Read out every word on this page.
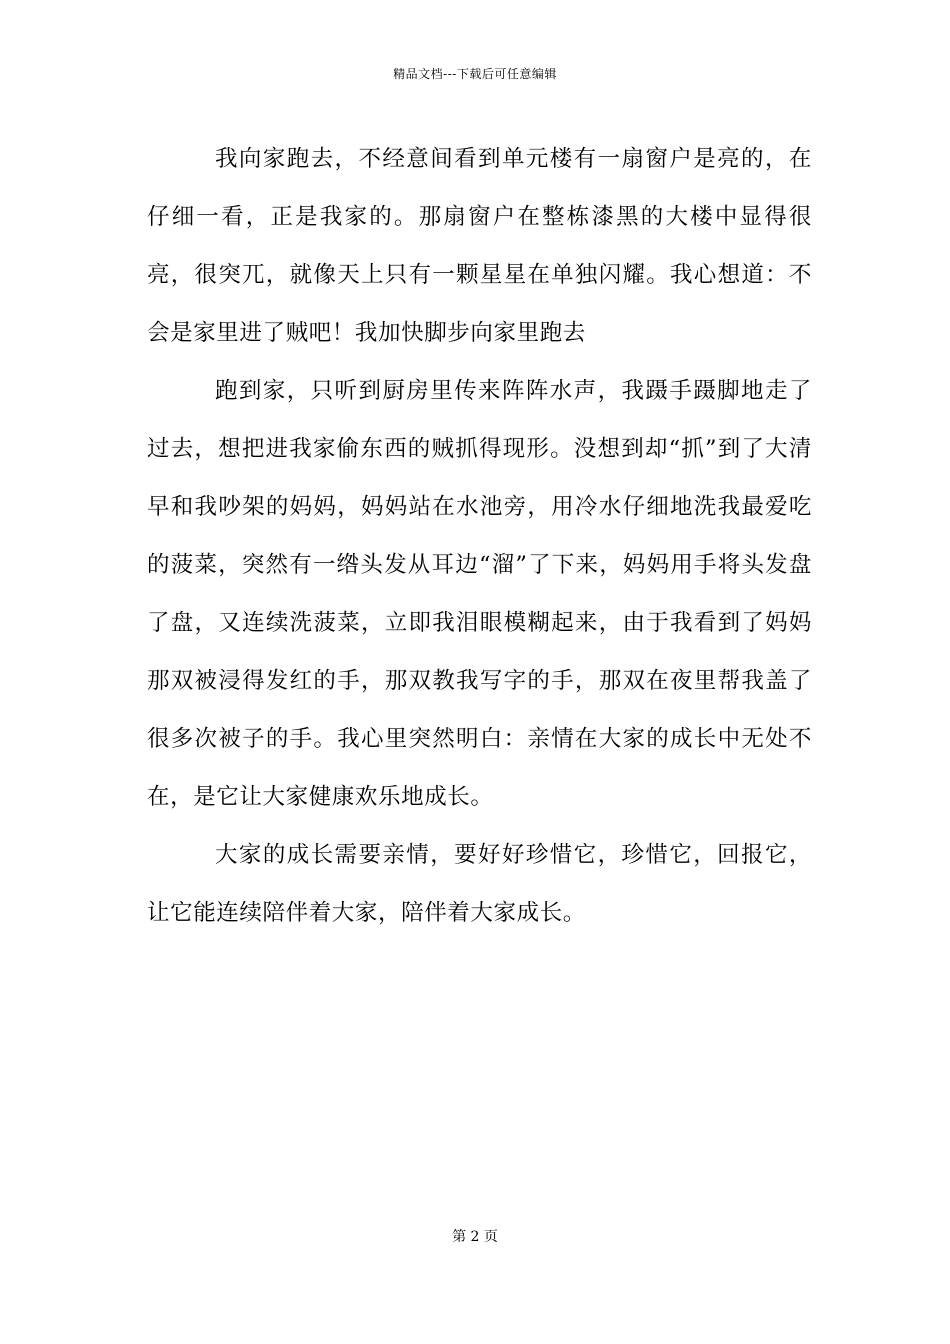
精品文档---下载后可任意编辑

我向家跑去，不经意间看到单元楼有一扇窗户是亮的，在仔细一看，正是我家的。那扇窗户在整栋漆黑的大楼中显得很亮，很突兀，就像天上只有一颗星星在单独闪耀。我心想道：不会是家里进了贼吧！我加快脚步向家里跑去

跑到家，只听到厨房里传来阵阵水声，我蹑手蹑脚地走了过去，想把进我家偷东西的贼抓得现形。没想到却“抓”到了大清早和我吵架的妈妈，妈妈站在水池旁，用冷水仔细地洗我最爱吃的菠菜，突然有一绺头发从耳边“溜”了下来，妈妈用手将头发盘了盘，又连续洗菠菜，立即我泪眼模糊起来，由于我看到了妈妈那双被浸得发红的手，那双教我写字的手，那双在夜里帮我盖了很多次被子的手。我心里突然明白：亲情在大家的成长中无处不在，是它让大家健康欢乐地成长。

大家的成长需要亲情，要好好珍惜它，珍惜它，回报它，让它能连续陪伴着大家，陪伴着大家成长。

第 2 页
